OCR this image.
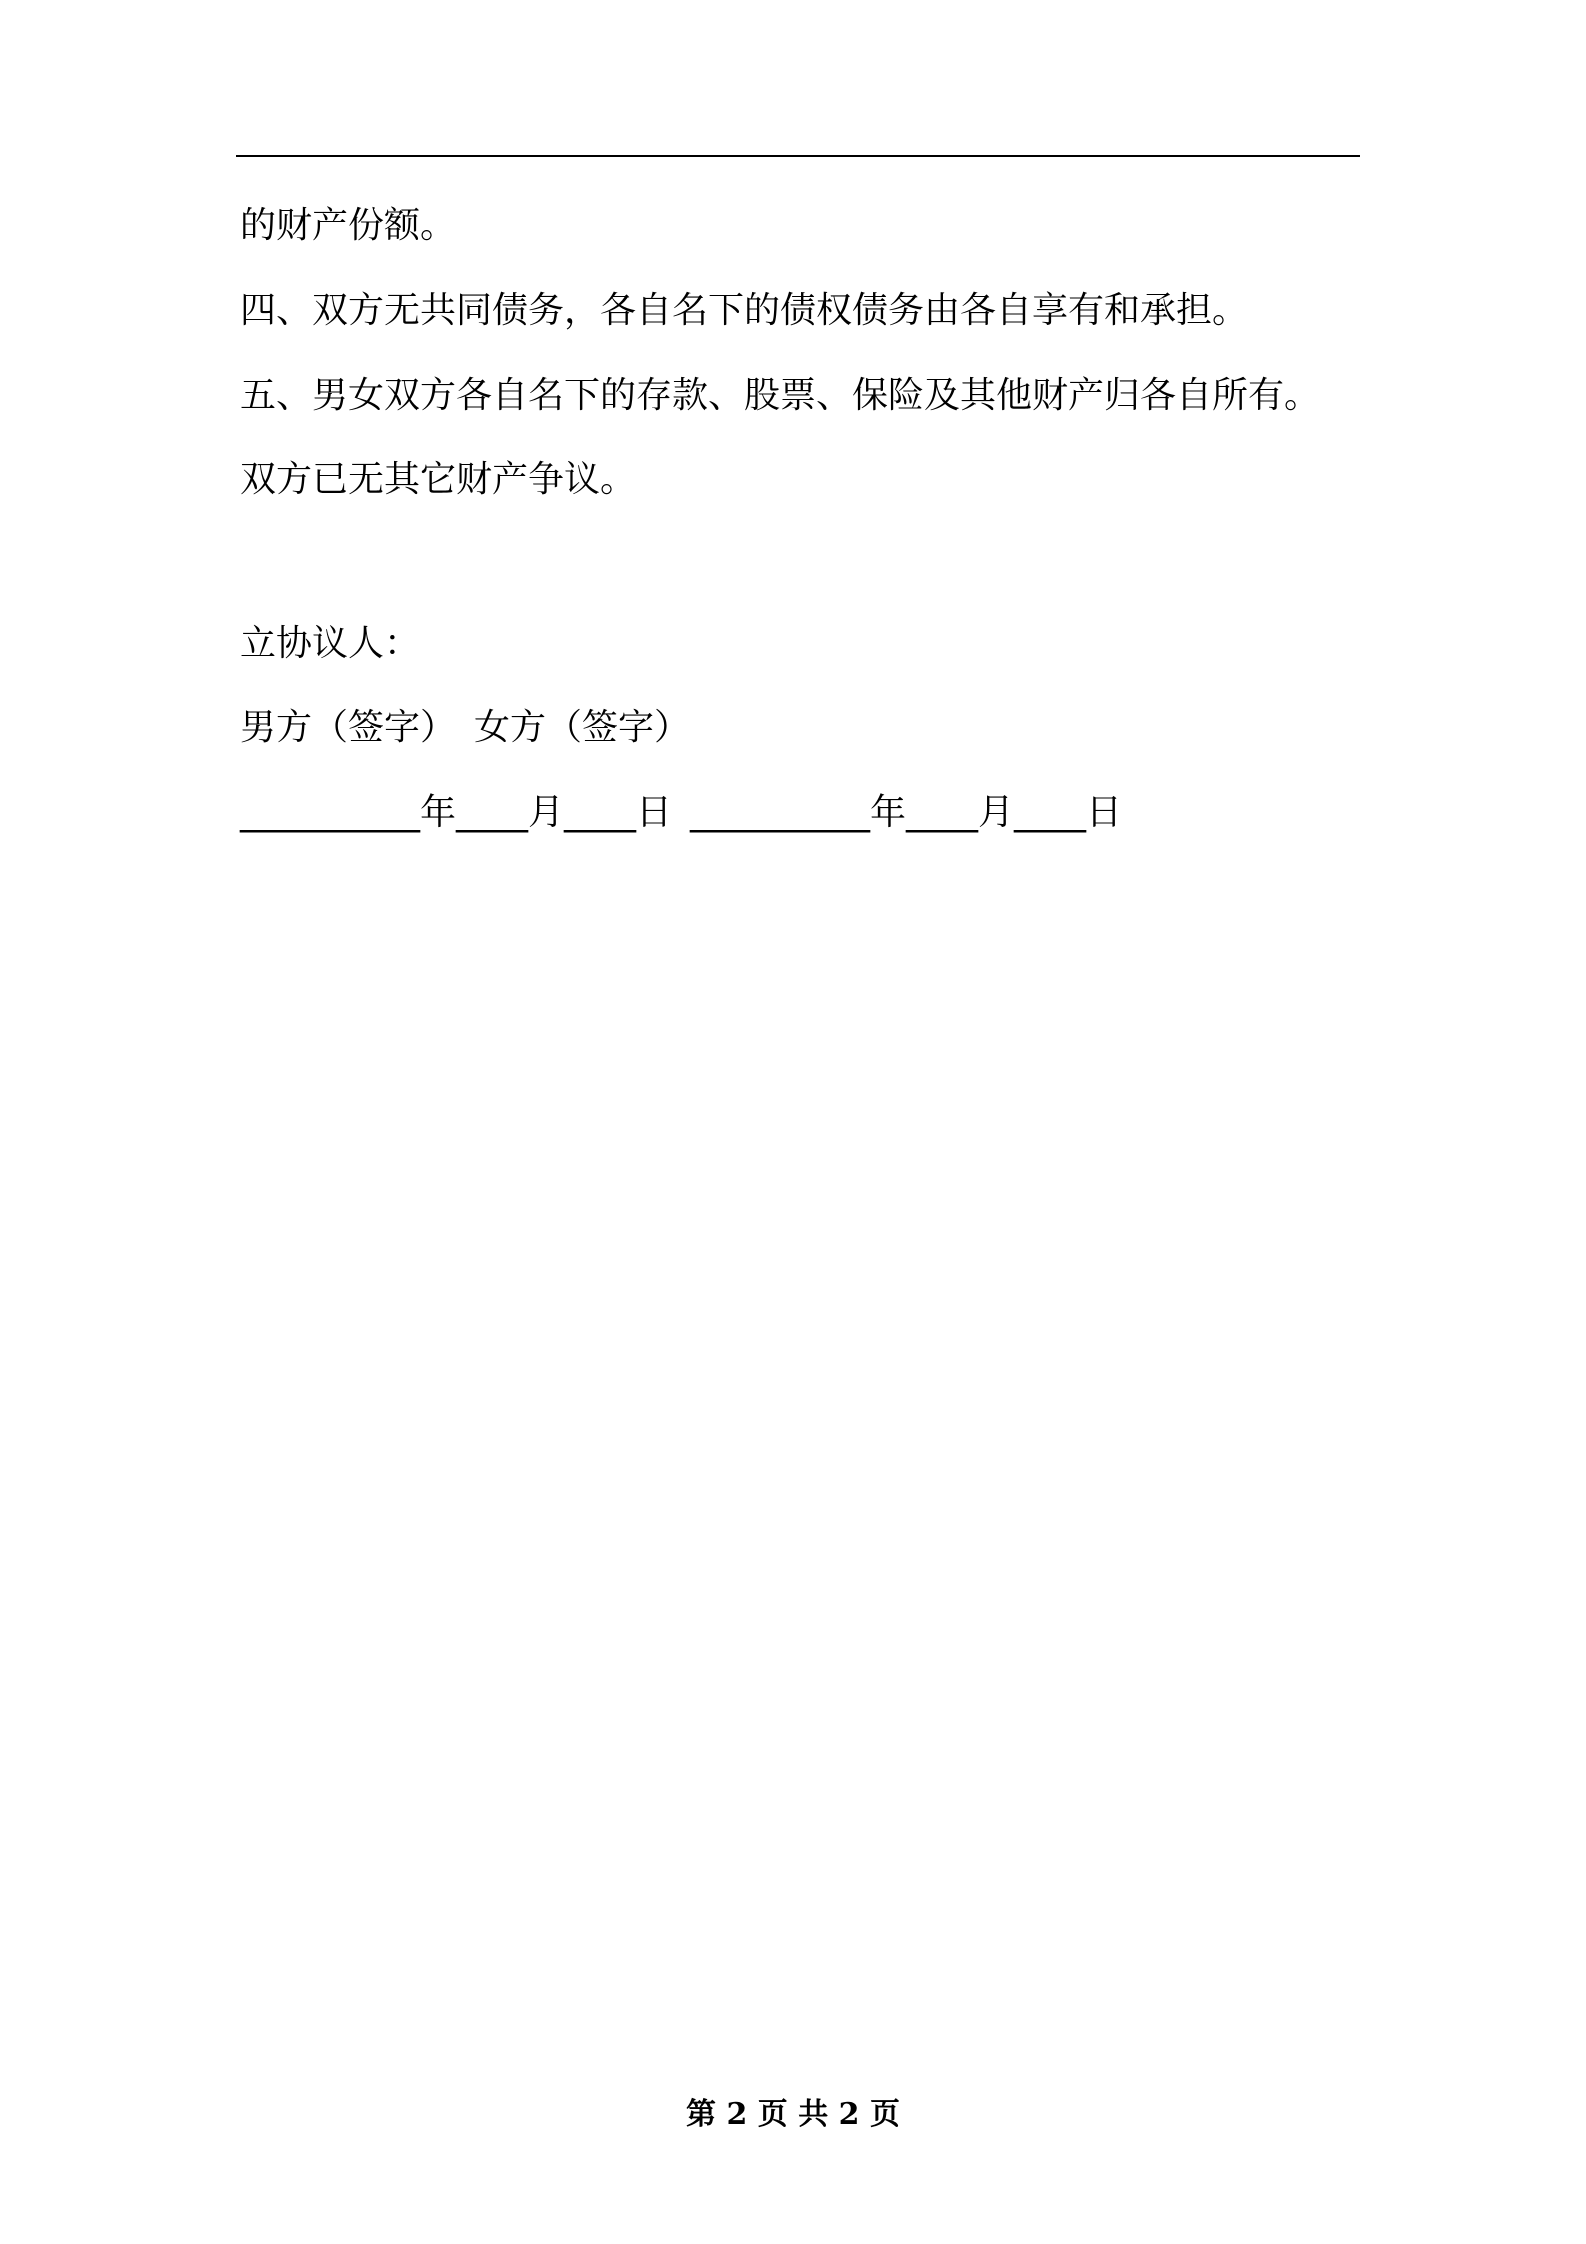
的财产份额。
四、双方无共同债务，各自名下的债权债务由各自享有和承担。
五、男女双方各自名下的存款、股票、保险及其他财产归各自所有。
双方已无其它财产争议。
立协议人：
男方（签字） 女方（签字）
__________年____月____日 __________年____月____日
第 2 页 共 2 页
